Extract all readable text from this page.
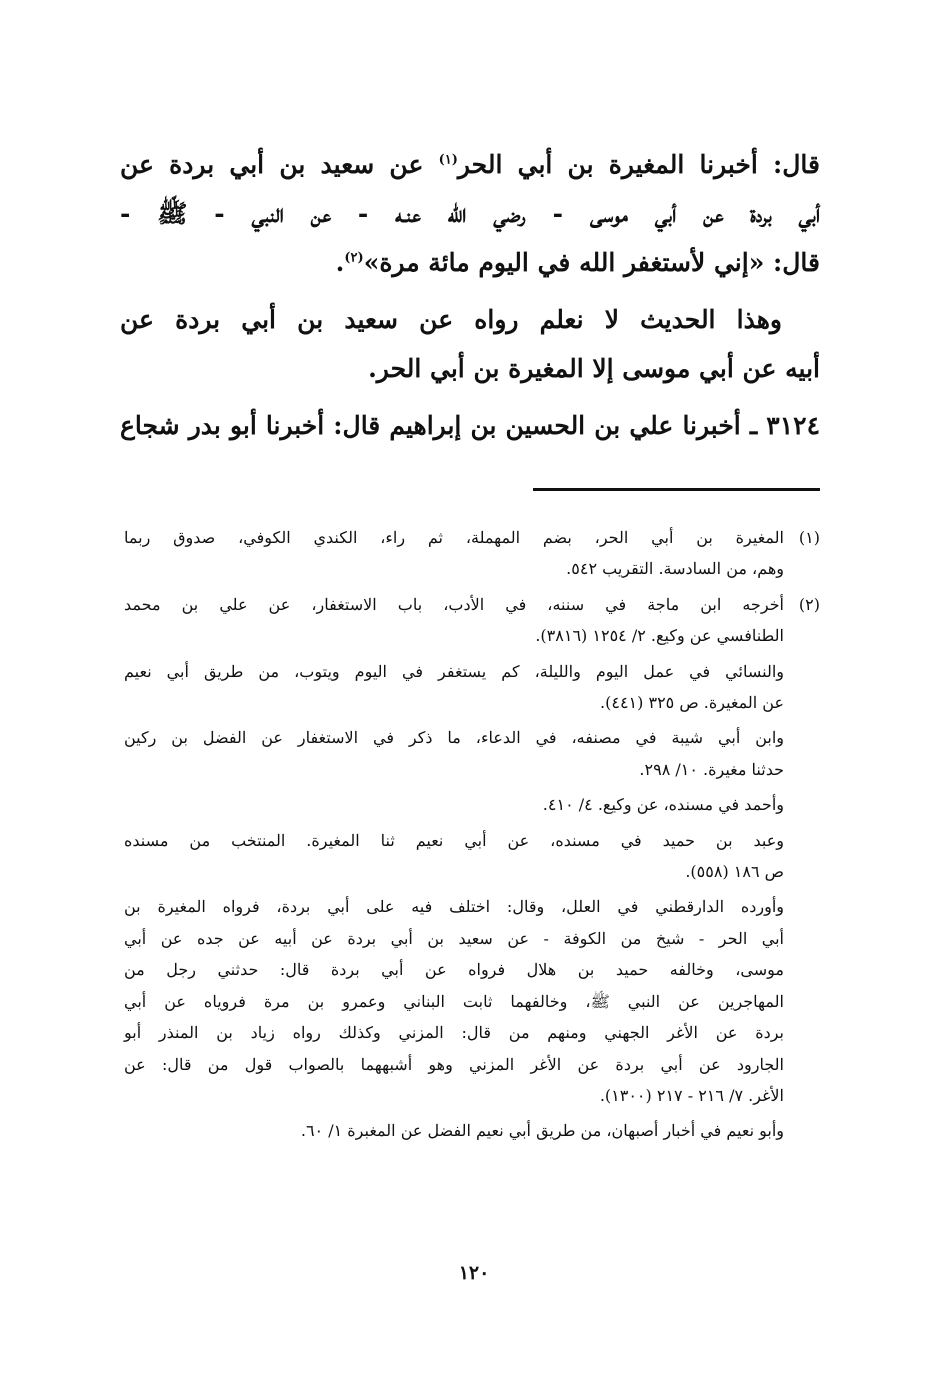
قال: أخبرنا المغيرة بن أبي الحر$^{(١)}$ عن سعيد بن أبي بردة عن
أبي بردة عن أبي موسى - رضي الله عنـه - عن النبي - ﷺ -
قال: «إني لأستغفر الله في اليوم مائة مرة»$^{(٢)}$.
وهذا الحديث لا نعلم رواه عن سعيد بن أبي بردة عن
أبيه عن أبي موسى إلا المغيرة بن أبي الحر.
٣١٢٤ ـ أخبرنا علي بن الحسين بن إبراهيم قال: أخبرنا أبو بدر شجاع
(١)
المغيرة بن أبي الحر، بضم المهملة، ثم راء، الكندي الكوفي، صدوق ربما
وهم، من السادسة. التقريب ٥٤٢.
(٢)
أخرجه ابن ماجة في سننه، في الأدب، باب الاستغفار، عن علي بن محمد
الطنافسي عن وكيع. ٢/ ١٢٥٤ (٣٨١٦).
والنسائي في عمل اليوم والليلة، كم يستغفر في اليوم ويتوب، من طريق أبي نعيم
عن المغيرة. ص ٣٢٥ (٤٤١).
وابن أبي شيبة في مصنفه، في الدعاء، ما ذكر في الاستغفار عن الفضل بن ركين
حدثنا مغيرة. ١٠/ ٢٩٨.
وأحمد في مسنده، عن وكيع. ٤/ ٤١٠.
وعبد بن حميد في مسنده، عن أبي نعيم ثنا المغيرة. المنتخب من مسنده
ص ١٨٦ (٥٥٨).
وأورده الدارقطني في العلل، وقال: اختلف فيه على أبي بردة، فرواه المغيرة بن
أبي الحر - شيخ من الكوفة - عن سعيد بن أبي بردة عن أبيه عن جده عن أبي
موسى، وخالفه حميد بن هلال فرواه عن أبي بردة قال: حدثني رجل من
المهاجرين عن النبي ﷺ، وخالفهما ثابت البناني وعمرو بن مرة فروياه عن أبي
بردة عن الأغر الجهني ومنهم من قال: المزني وكذلك رواه زياد بن المنذر أبو
الجارود عن أبي بردة عن الأغر المزني وهو أشبههما بالصواب قول من قال: عن
الأغر. ٧/ ٢١٦ - ٢١٧ (١٣٠٠).
وأبو نعيم في أخبار أصبهان، من طريق أبي نعيم الفضل عن المغبرة ١/ ٦٠.
١٢٠
